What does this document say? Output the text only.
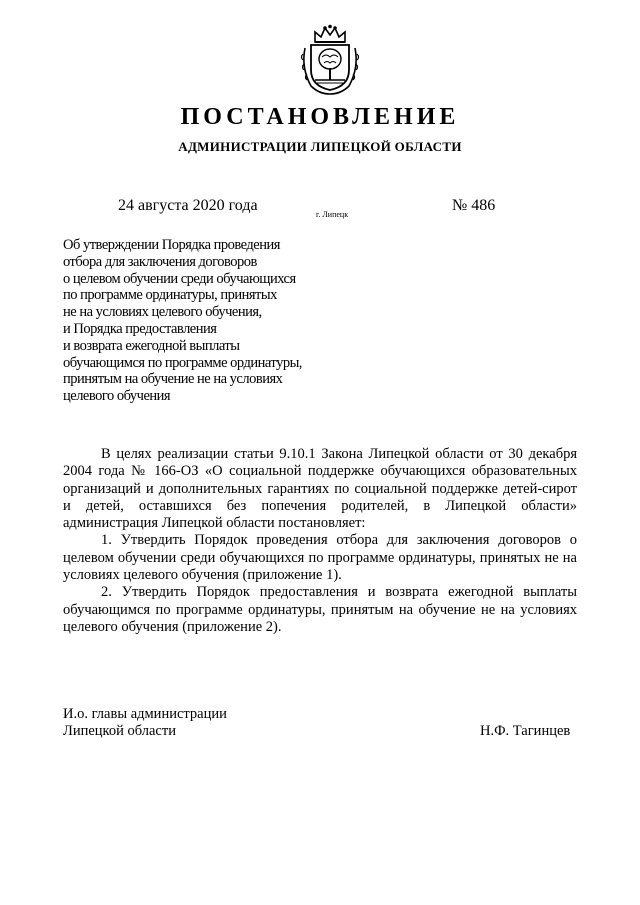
ПОСТАНОВЛЕНИЕ
АДМИНИСТРАЦИИ ЛИПЕЦКОЙ ОБЛАСТИ
24 августа 2020 года
г. Липецк
№ 486
Об утверждении Порядка проведения
отбора для заключения договоров
о целевом обучении среди обучающихся
по программе ординатуры, принятых
не на условиях целевого обучения,
и Порядка предоставления
и возврата ежегодной выплаты
обучающимся по программе ординатуры,
принятым на обучение не на условиях
целевого обучения

В целях реализации статьи 9.10.1 Закона Липецкой области от 30 декабря 2004 года № 166-ОЗ «О социальной поддержке обучающихся образовательных организаций и дополнительных гарантиях по социальной поддержке детей-сирот и детей, оставшихся без попечения родителей, в Липецкой области» администрация Липецкой области постановляет:

1. Утвердить Порядок проведения отбора для заключения договоров о целевом обучении среди обучающихся по программе ординатуры, принятых не на условиях целевого обучения (приложение 1).

2. Утвердить Порядок предоставления и возврата ежегодной выплаты обучающимся по программе ординатуры, принятым на обучение не на условиях целевого обучения (приложение 2).

И.о. главы администрации
Липецкой области	Н.Ф. Тагинцев
